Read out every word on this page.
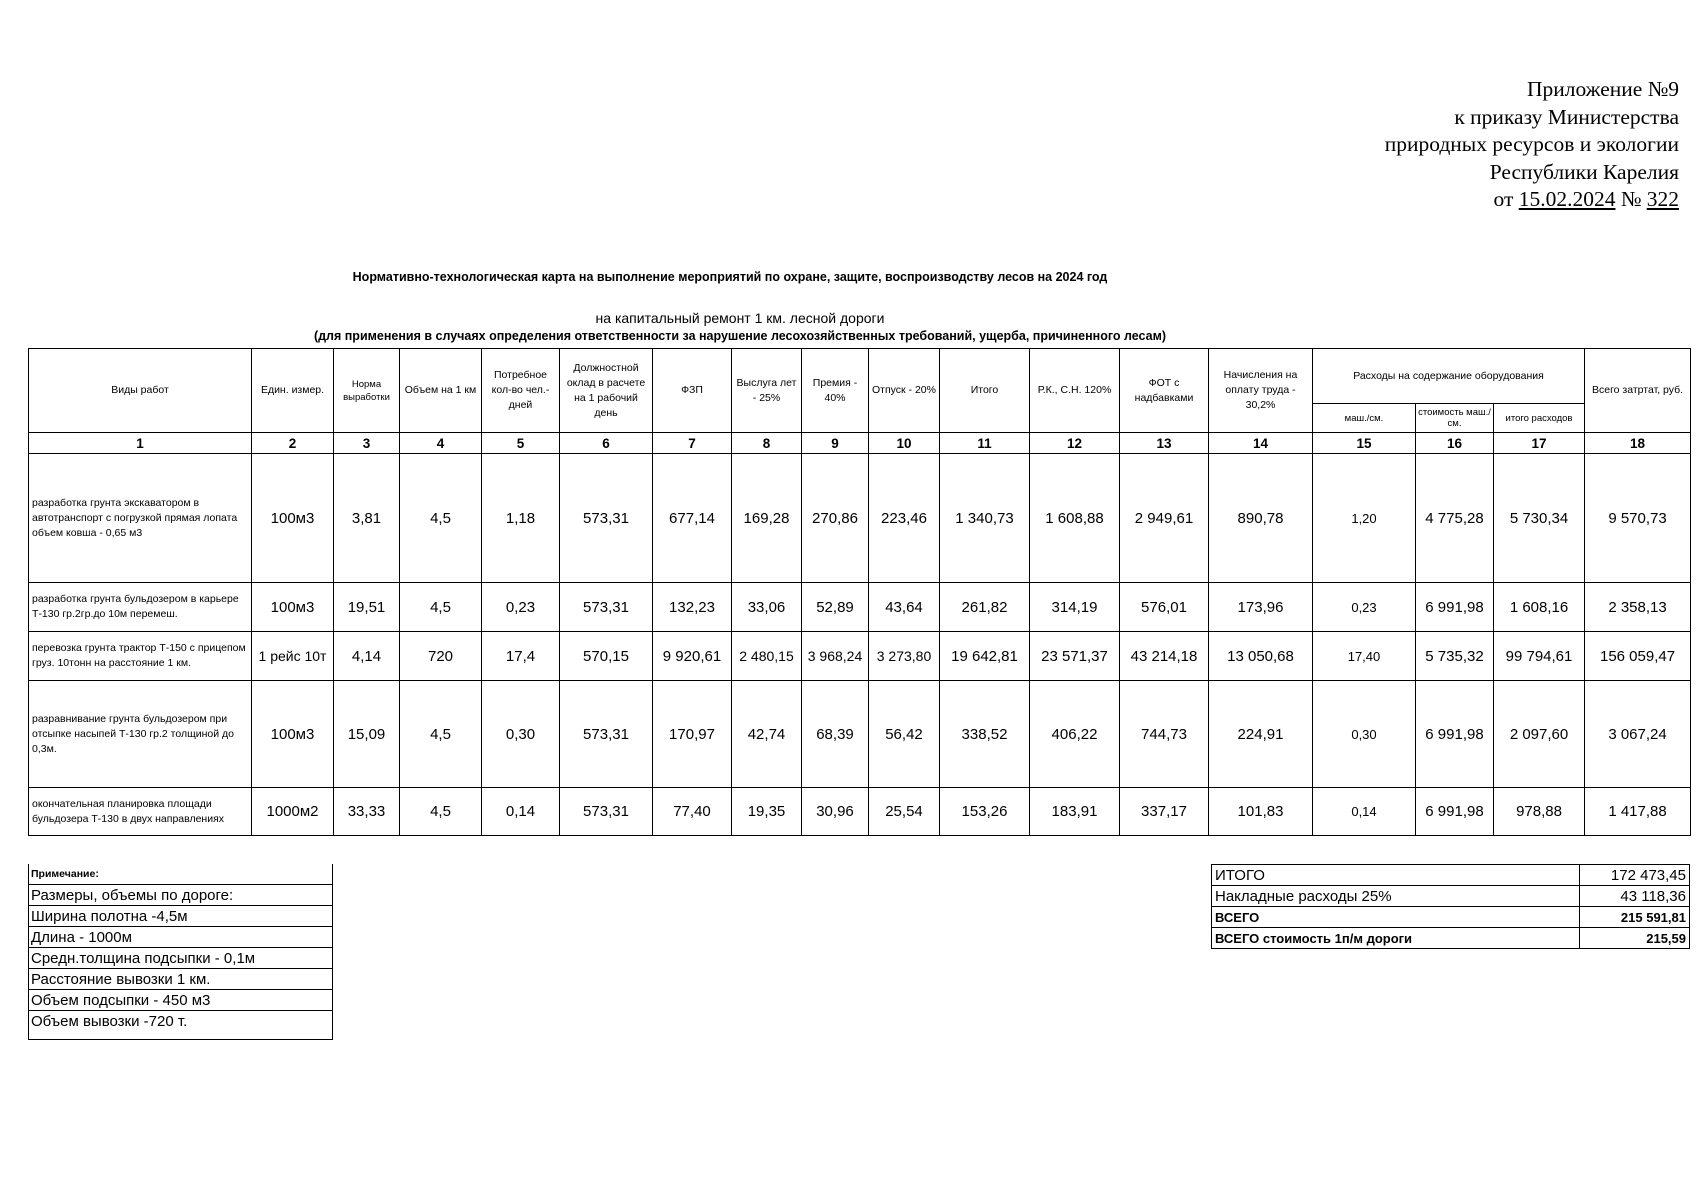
Приложение №9
к приказу Министерства
природных ресурсов и экологии
Республики Карелия
от 15.02.2024 № 322
Нормативно-технологическая карта на выполнение мероприятий по охране, защите, воспроизводству лесов на 2024 год
на капитальный ремонт 1 км. лесной дороги
(для применения в случаях определения ответственности за нарушение лесохозяйственных требований, ущерба, причиненного лесам)
Виды работ	Един. измер.	Норма выработки	Объем на 1 км	Потребное кол-во чел.-дней	Должностной оклад в расчете на 1 рабочий день	ФЗП	Выслуга лет - 25%	Премия - 40%	Отпуск - 20%	Итого	Р.К., С.Н. 120%	ФОТ с надбавками	Начисления на оплату труда - 30,2%	Расходы на содержание оборудования			Всего затртат, руб.
														маш./см.	стоимость маш./см.	итого расходов	
1	2	3	4	5	6	7	8	9	10	11	12	13	14	15	16	17	18
разработка грунта экскаватором в автотранспорт с погрузкой прямая лопата объем ковша - 0,65 м3	100м3	3,81	4,5	1,18	573,31	677,14	169,28	270,86	223,46	1 340,73	1 608,88	2 949,61	890,78	1,20	4 775,28	5 730,34	9 570,73
разработка грунта бульдозером в карьере Т-130 гр.2гр.до 10м перемеш.	100м3	19,51	4,5	0,23	573,31	132,23	33,06	52,89	43,64	261,82	314,19	576,01	173,96	0,23	6 991,98	1 608,16	2 358,13
перевозка грунта трактор Т-150 с прицепом груз. 10тонн на расстояние 1 км.	1 рейс 10т	4,14	720	17,4	570,15	9 920,61	2 480,15	3 968,24	3 273,80	19 642,81	23 571,37	43 214,18	13 050,68	17,40	5 735,32	99 794,61	156 059,47
разравнивание грунта бульдозером при отсыпке насыпей Т-130 гр.2 толщиной до 0,3м.	100м3	15,09	4,5	0,30	573,31	170,97	42,74	68,39	56,42	338,52	406,22	744,73	224,91	0,30	6 991,98	2 097,60	3 067,24
окончательная планировка площади бульдозера Т-130 в двух направлениях	1000м2	33,33	4,5	0,14	573,31	77,40	19,35	30,96	25,54	153,26	183,91	337,17	101,83	0,14	6 991,98	978,88	1 417,88
Примечание:
Размеры, объемы по дороге:
Ширина полотна -4,5м
Длина - 1000м
Средн.толщина подсыпки - 0,1м
Расстояние вывозки 1 км.
Объем подсыпки - 450 м3
Объем вывозки -720 т.
ИТОГО	172 473,45
Накладные расходы 25%	43 118,36
ВСЕГО	215 591,81
ВСЕГО стоимость 1п/м дороги	215,59
